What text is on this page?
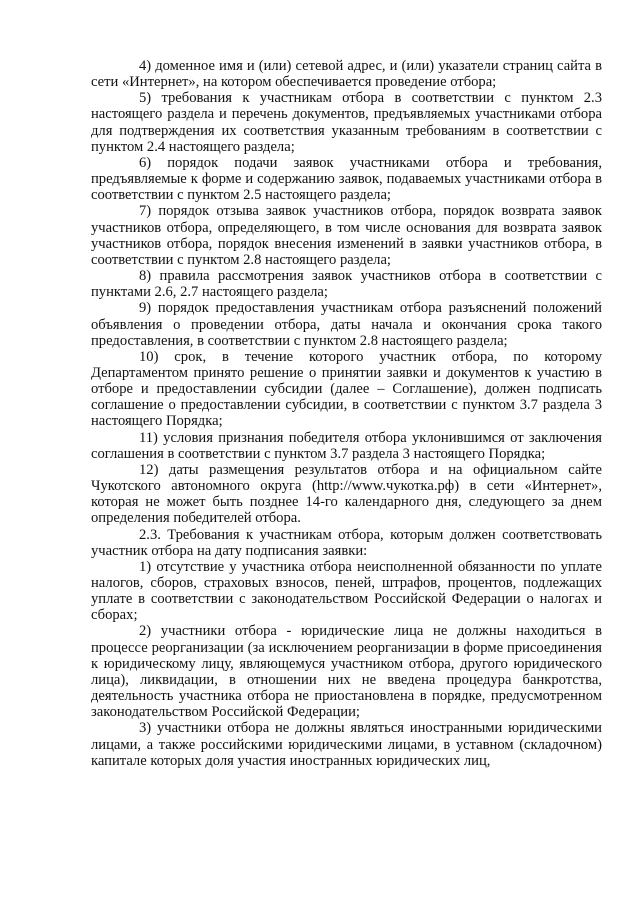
4) доменное имя и (или) сетевой адрес, и (или) указатели страниц сайта в сети «Интернет», на котором обеспечивается проведение отбора;

5) требования к участникам отбора в соответствии с пунктом 2.3 настоящего раздела и перечень документов, предъявляемых участниками отбора для подтверждения их соответствия указанным требованиям в соответствии с пунктом 2.4 настоящего раздела;

6) порядок подачи заявок участниками отбора и требования, предъявляемые к форме и содержанию заявок, подаваемых участниками отбора в соответствии с пунктом 2.5 настоящего раздела;

7) порядок отзыва заявок участников отбора, порядок возврата заявок участников отбора, определяющего, в том числе основания для возврата заявок участников отбора, порядок внесения изменений в заявки участников отбора, в соответствии с пунктом 2.8 настоящего раздела;

8) правила рассмотрения заявок участников отбора в соответствии с пунктами 2.6, 2.7 настоящего раздела;

9) порядок предоставления участникам отбора разъяснений положений объявления о проведении отбора, даты начала и окончания срока такого предоставления, в соответствии с пунктом 2.8 настоящего раздела;

10) срок, в течение которого участник отбора, по которому Департаментом принято решение о принятии заявки и документов к участию в отборе и предоставлении субсидии (далее – Соглашение), должен подписать соглашение о предоставлении субсидии, в соответствии с пунктом 3.7 раздела 3 настоящего Порядка;

11) условия признания победителя отбора уклонившимся от заключения соглашения в соответствии с пунктом 3.7 раздела 3 настоящего Порядка;

12) даты размещения результатов отбора и на официальном сайте Чукотского автономного округа (http://www.чукотка.рф) в сети «Интернет», которая не может быть позднее 14-го календарного дня, следующего за днем определения победителей отбора.

2.3. Требования к участникам отбора, которым должен соответствовать участник отбора на дату подписания заявки:

1) отсутствие у участника отбора неисполненной обязанности по уплате налогов, сборов, страховых взносов, пеней, штрафов, процентов, подлежащих уплате в соответствии с законодательством Российской Федерации о налогах и сборах;

2) участники отбора - юридические лица не должны находиться в процессе реорганизации (за исключением реорганизации в форме присоединения к юридическому лицу, являющемуся участником отбора, другого юридического лица), ликвидации, в отношении них не введена процедура банкротства, деятельность участника отбора не приостановлена в порядке, предусмотренном законодательством Российской Федерации;

3) участники отбора не должны являться иностранными юридическими лицами, а также российскими юридическими лицами, в уставном (складочном) капитале которых доля участия иностранных юридических лиц,
